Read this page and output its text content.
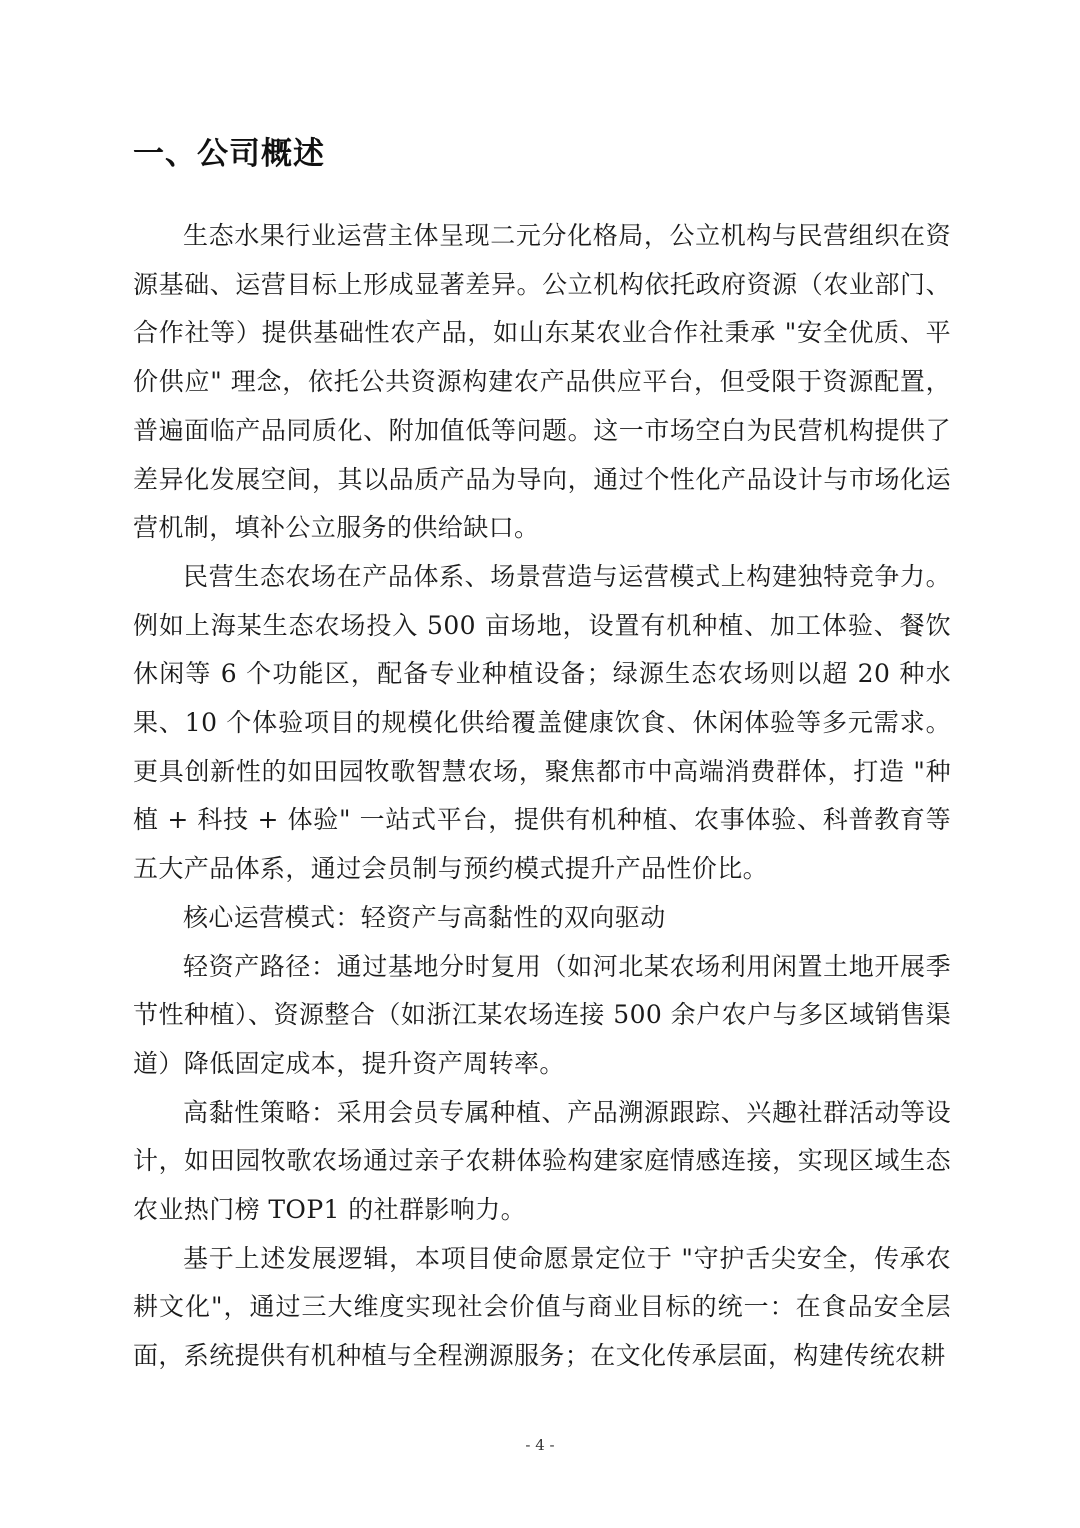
一、公司概述

生态水果行业运营主体呈现二元分化格局，公立机构与民营组织在资源基础、运营目标上形成显著差异。公立机构依托政府资源（农业部门、合作社等）提供基础性农产品，如山东某农业合作社秉承 "安全优质、平价供应" 理念，依托公共资源构建农产品供应平台，但受限于资源配置，普遍面临产品同质化、附加值低等问题。这一市场空白为民营机构提供了差异化发展空间，其以品质产品为导向，通过个性化产品设计与市场化运营机制，填补公立服务的供给缺口。

民营生态农场在产品体系、场景营造与运营模式上构建独特竞争力。例如上海某生态农场投入 500 亩场地，设置有机种植、加工体验、餐饮休闲等 6 个功能区，配备专业种植设备；绿源生态农场则以超 20 种水果、10 个体验项目的规模化供给覆盖健康饮食、休闲体验等多元需求。更具创新性的如田园牧歌智慧农场，聚焦都市中高端消费群体，打造 "种植 + 科技 + 体验" 一站式平台，提供有机种植、农事体验、科普教育等五大产品体系，通过会员制与预约模式提升产品性价比。

核心运营模式：轻资产与高黏性的双向驱动

轻资产路径：通过基地分时复用（如河北某农场利用闲置土地开展季节性种植）、资源整合（如浙江某农场连接 500 余户农户与多区域销售渠道）降低固定成本，提升资产周转率。

高黏性策略：采用会员专属种植、产品溯源跟踪、兴趣社群活动等设计，如田园牧歌农场通过亲子农耕体验构建家庭情感连接，实现区域生态农业热门榜 TOP1 的社群影响力。

基于上述发展逻辑，本项目使命愿景定位于 "守护舌尖安全，传承农耕文化"，通过三大维度实现社会价值与商业目标的统一：在食品安全层面，系统提供有机种植与全程溯源服务；在文化传承层面，构建传统农耕

- 4 -
